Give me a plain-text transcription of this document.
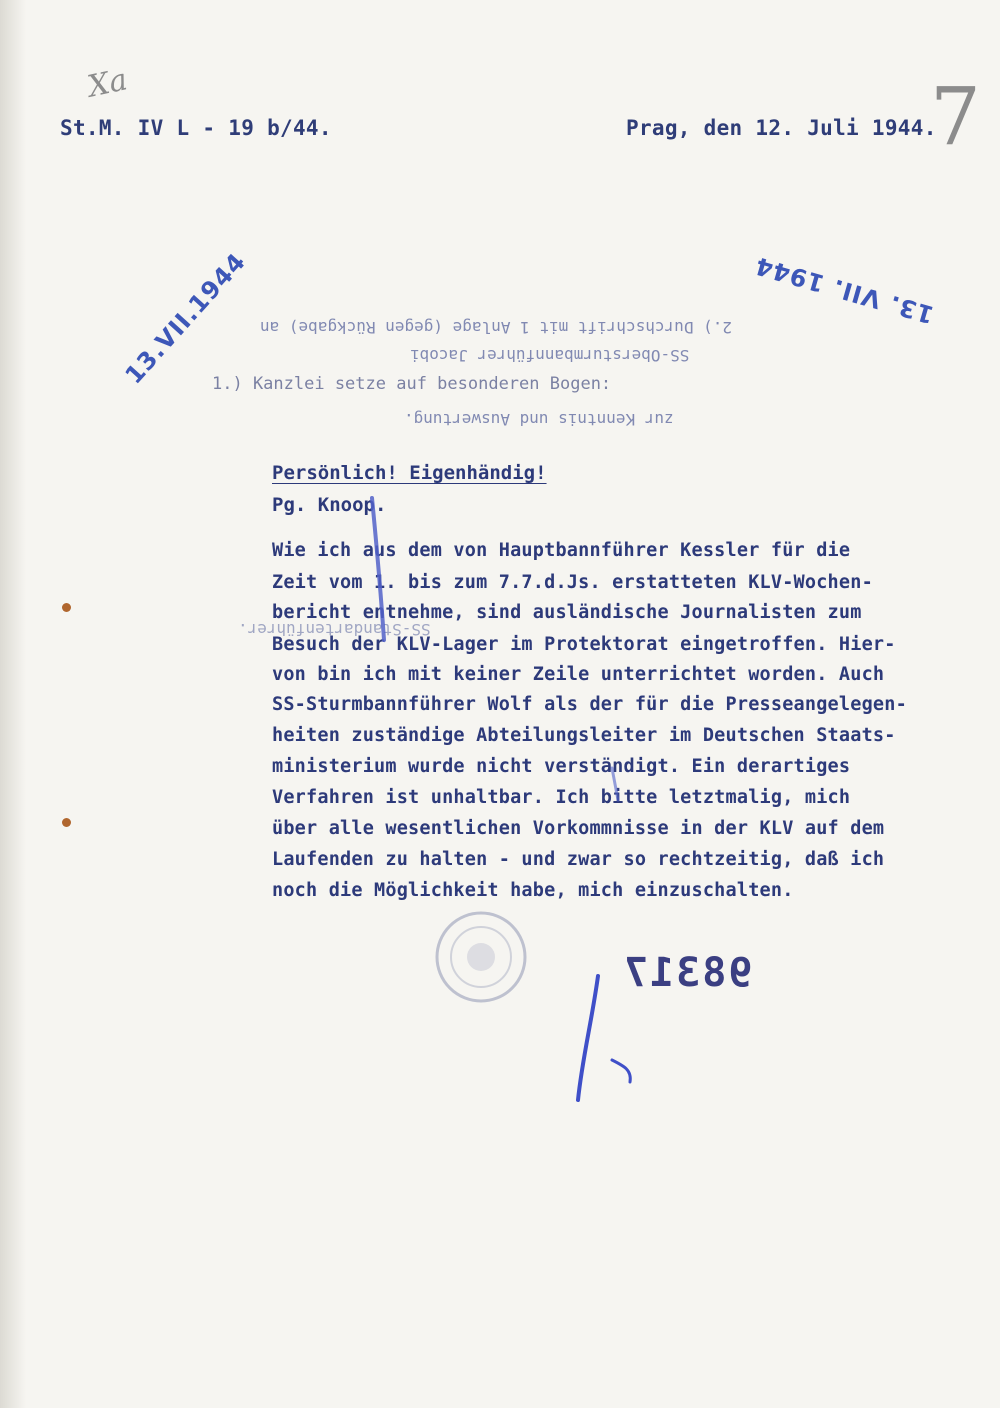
Xa	7
St.M. IV L - 19 b/44.	Prag, den 12. Juli 1944.
2.) Durchschrift mit 1 Anlage (gegen Rückgabe) an
SS-Obersturmbannführer Jacobi
1.) Kanzlei setze auf besonderen Bogen:
zur Kenntnis und Auswertung.
13.VII.1944	13. VII. 1944
Persönlich! Eigenhändig!
Pg. Knoop.
SS-Standartenführer.
Wie ich aus dem von Hauptbannführer Kessler für die
Zeit vom 1. bis zum 7.7.d.Js. erstatteten KLV-Wochen-
bericht entnehme, sind ausländische Journalisten zum
Besuch der KLV-Lager im Protektorat eingetroffen. Hier-
von bin ich mit keiner Zeile unterrichtet worden. Auch
SS-Sturmbannführer Wolf als der für die Presseangelegen-
heiten zuständige Abteilungsleiter im Deutschen Staats-
ministerium wurde nicht verständigt. Ein derartiges
Verfahren ist unhaltbar. Ich bitte letztmalig, mich
über alle wesentlichen Vorkommnisse in der KLV auf dem
Laufenden zu halten - und zwar so rechtzeitig, daß ich
noch die Möglichkeit habe, mich einzuschalten.
98317
